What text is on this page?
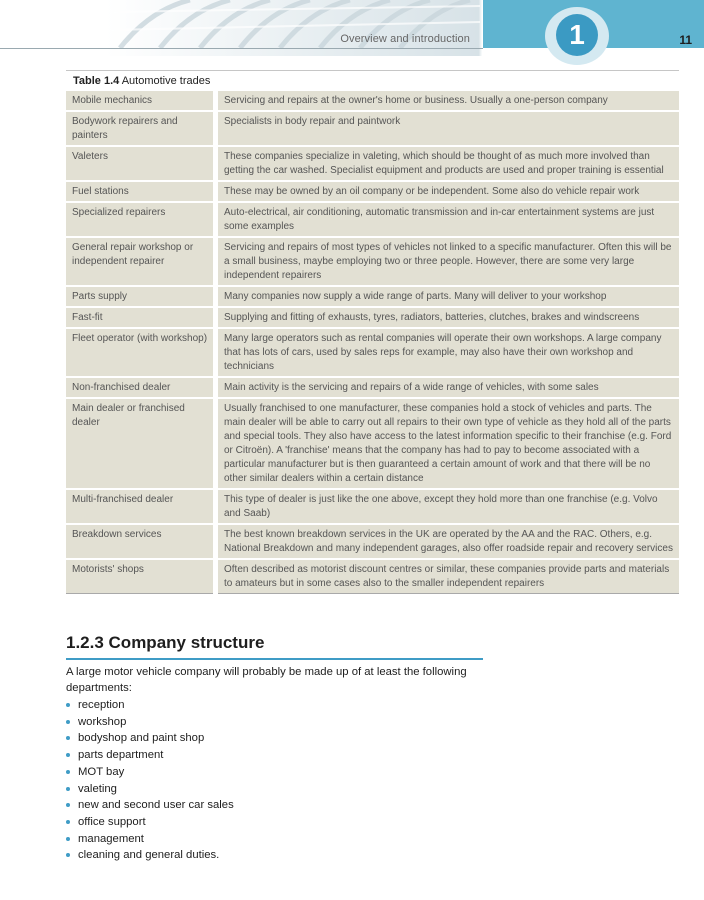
Overview and introduction	1	11
Table 1.4 Automotive trades
Mobile mechanics	Servicing and repairs at the owner's home or business. Usually a one-person company
Bodywork repairers and painters	Specialists in body repair and paintwork
Valeters	These companies specialize in valeting, which should be thought of as much more involved than getting the car washed. Specialist equipment and products are used and proper training is essential
Fuel stations	These may be owned by an oil company or be independent. Some also do vehicle repair work
Specialized repairers	Auto-electrical, air conditioning, automatic transmission and in-car entertainment systems are just some examples
General repair workshop or independent repairer	Servicing and repairs of most types of vehicles not linked to a specific manufacturer. Often this will be a small business, maybe employing two or three people. However, there are some very large independent repairers
Parts supply	Many companies now supply a wide range of parts. Many will deliver to your workshop
Fast-fit	Supplying and fitting of exhausts, tyres, radiators, batteries, clutches, brakes and windscreens
Fleet operator (with workshop)	Many large operators such as rental companies will operate their own workshops. A large company that has lots of cars, used by sales reps for example, may also have their own workshop and technicians
Non-franchised dealer	Main activity is the servicing and repairs of a wide range of vehicles, with some sales
Main dealer or franchised dealer	Usually franchised to one manufacturer, these companies hold a stock of vehicles and parts. The main dealer will be able to carry out all repairs to their own type of vehicle as they hold all of the parts and special tools. They also have access to the latest information specific to their franchise (e.g. Ford or Citroën). A 'franchise' means that the company has had to pay to become associated with a particular manufacturer but is then guaranteed a certain amount of work and that there will be no other similar dealers within a certain distance
Multi-franchised dealer	This type of dealer is just like the one above, except they hold more than one franchise (e.g. Volvo and Saab)
Breakdown services	The best known breakdown services in the UK are operated by the AA and the RAC. Others, e.g. National Breakdown and many independent garages, also offer roadside repair and recovery services
Motorists' shops	Often described as motorist discount centres or similar, these companies provide parts and materials to amateurs but in some cases also to the smaller independent repairers
1.2.3 Company structure
A large motor vehicle company will probably be made up of at least the following departments:
reception
workshop
bodyshop and paint shop
parts department
MOT bay
valeting
new and second user car sales
office support
management
cleaning and general duties.
